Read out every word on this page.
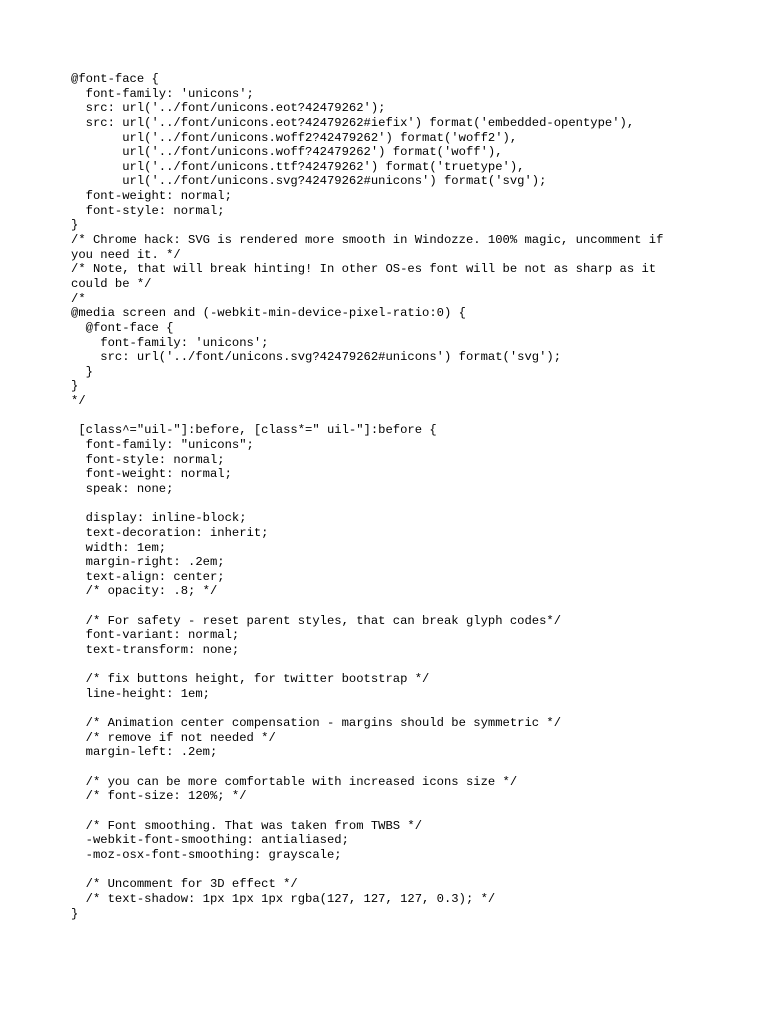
@font-face {
font-family: 'unicons';
src: url('../font/unicons.eot?42479262');
src: url('../font/unicons.eot?42479262#iefix') format('embedded-opentype'),
url('../font/unicons.woff2?42479262') format('woff2'),
url('../font/unicons.woff?42479262') format('woff'),
url('../font/unicons.ttf?42479262') format('truetype'),
url('../font/unicons.svg?42479262#unicons') format('svg');
font-weight: normal;
font-style: normal;
}
/* Chrome hack: SVG is rendered more smooth in Windozze. 100% magic, uncomment if
you need it. */
/* Note, that will break hinting! In other OS-es font will be not as sharp as it
could be */
/*
@media screen and (-webkit-min-device-pixel-ratio:0) {
@font-face {
font-family: 'unicons';
src: url('../font/unicons.svg?42479262#unicons') format('svg');
}
}
*/
[class^="uil-"]:before, [class*=" uil-"]:before {
font-family: "unicons";
font-style: normal;
font-weight: normal;
speak: none;
display: inline-block;
text-decoration: inherit;
width: 1em;
margin-right: .2em;
text-align: center;
/* opacity: .8; */
/* For safety - reset parent styles, that can break glyph codes*/
font-variant: normal;
text-transform: none;
/* fix buttons height, for twitter bootstrap */
line-height: 1em;
/* Animation center compensation - margins should be symmetric */
/* remove if not needed */
margin-left: .2em;
/* you can be more comfortable with increased icons size */
/* font-size: 120%; */
/* Font smoothing. That was taken from TWBS */
-webkit-font-smoothing: antialiased;
-moz-osx-font-smoothing: grayscale;
/* Uncomment for 3D effect */
/* text-shadow: 1px 1px 1px rgba(127, 127, 127, 0.3); */
}
